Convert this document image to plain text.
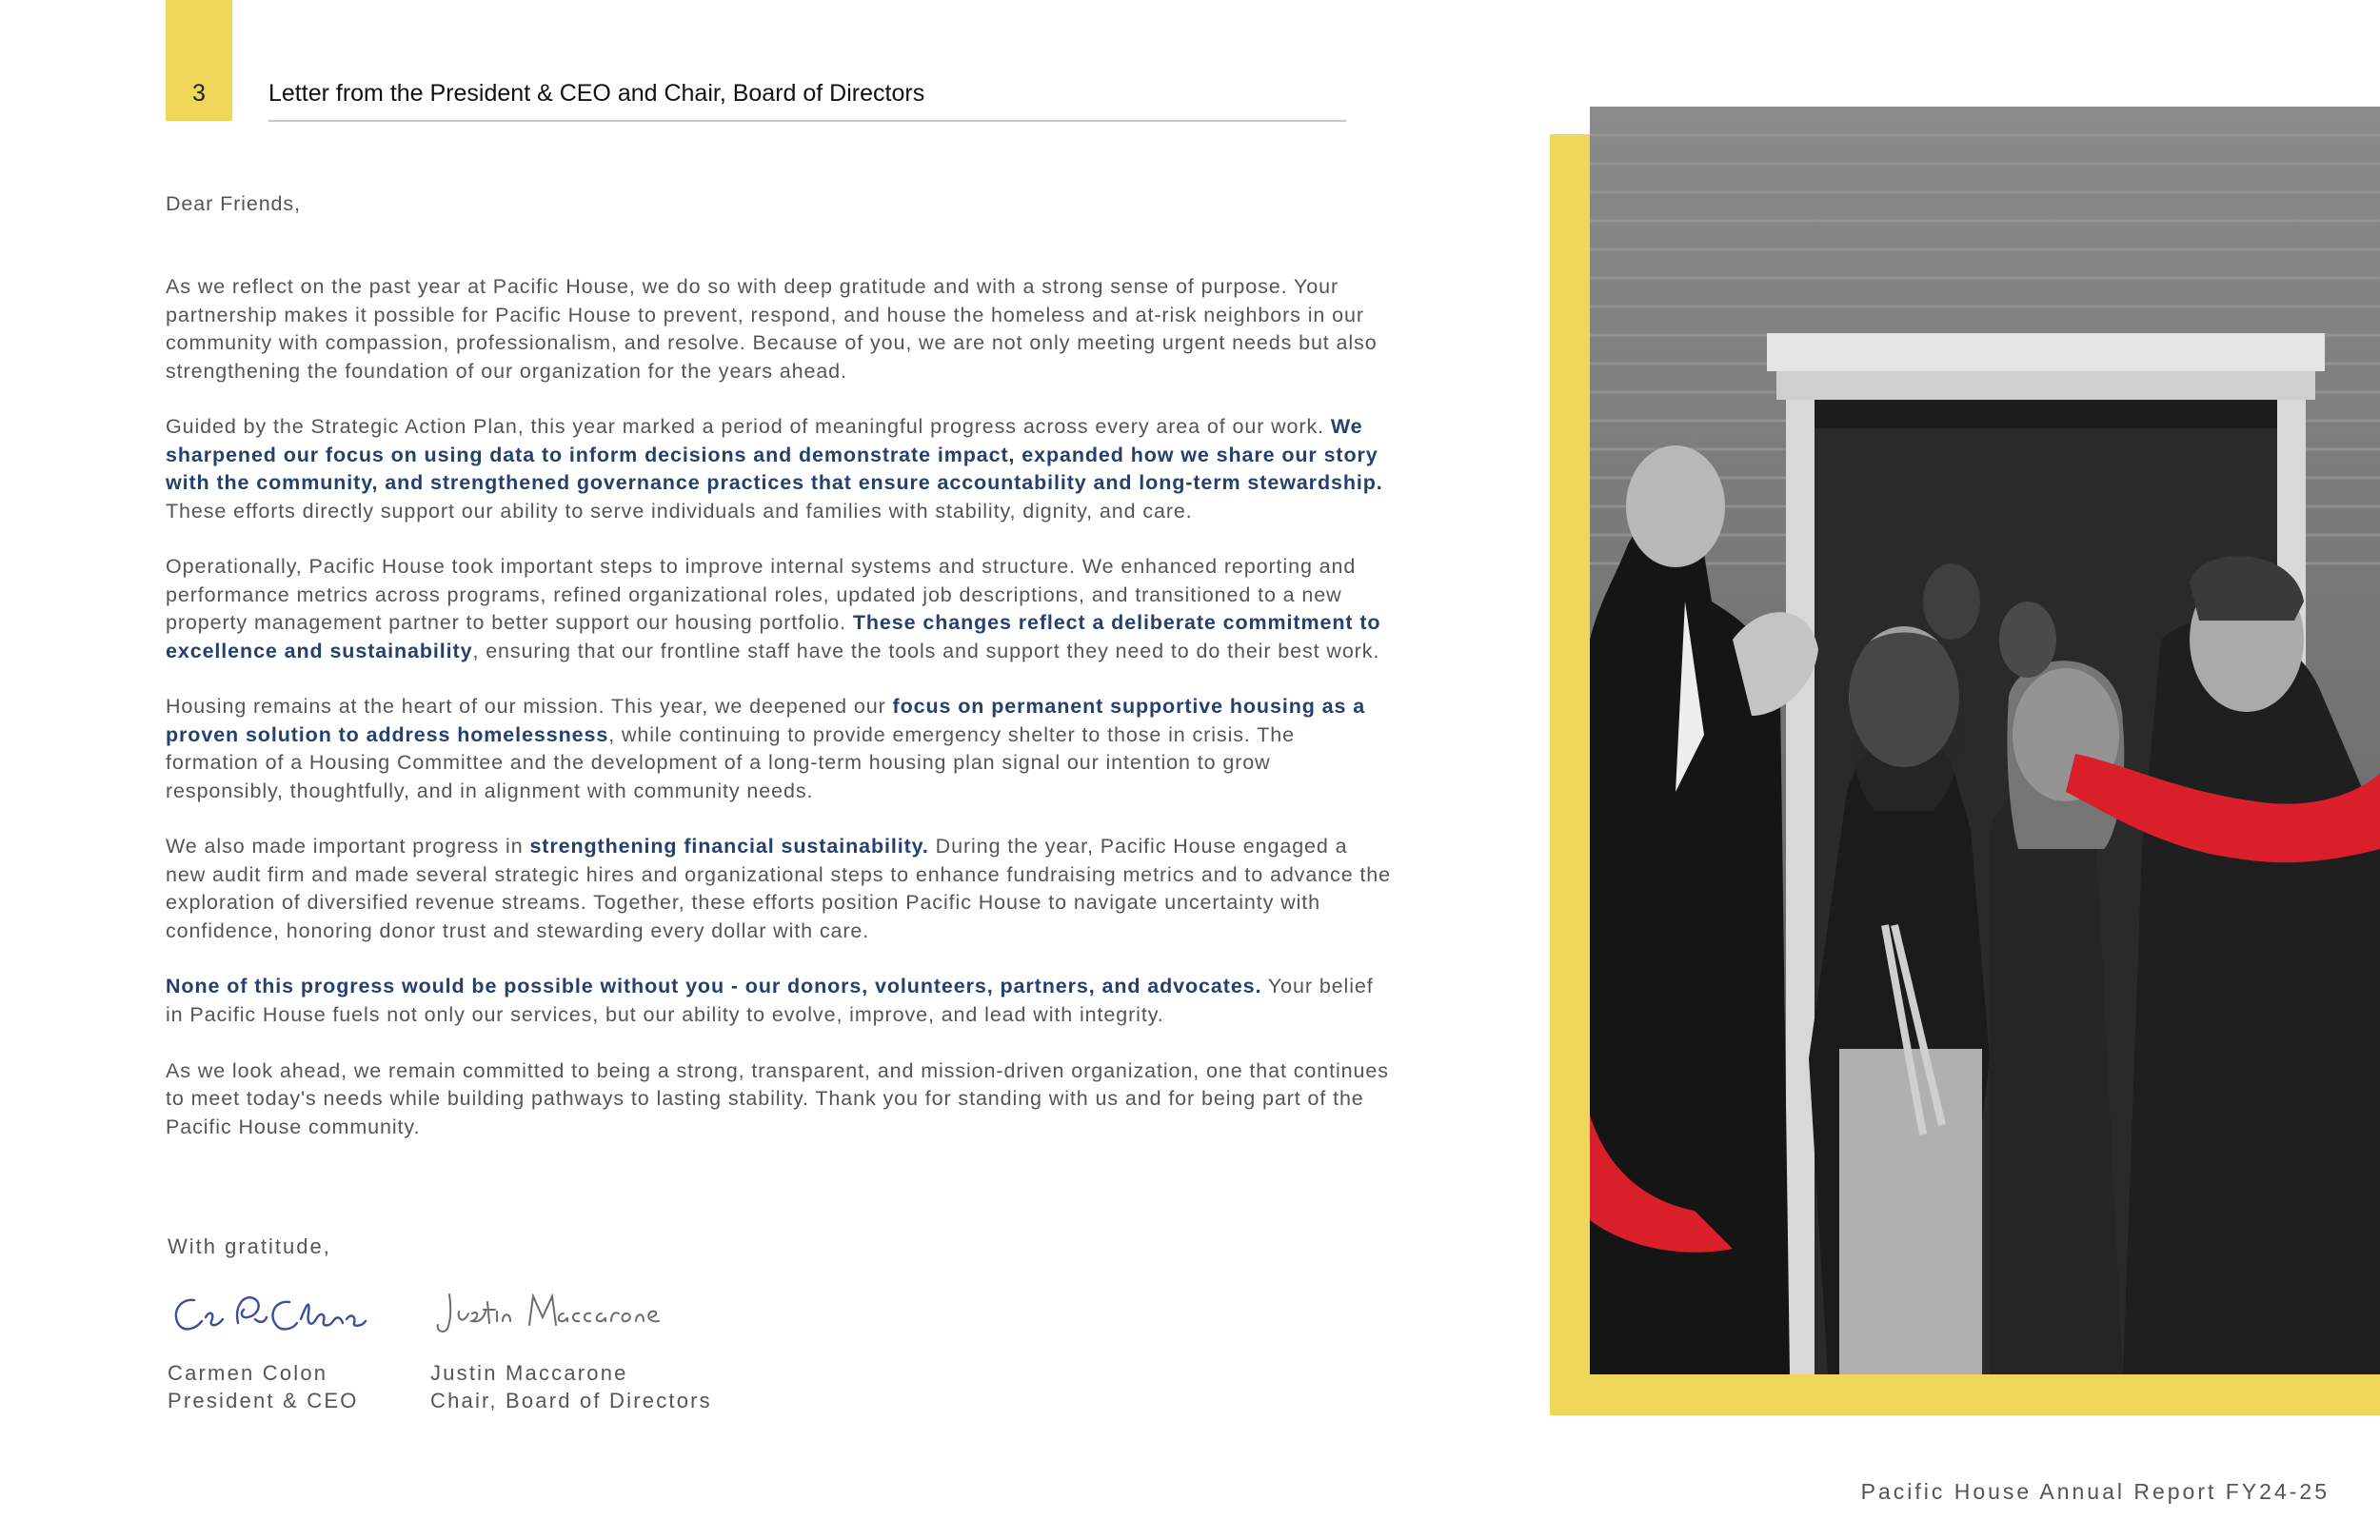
3	Letter from the President & CEO and Chair, Board of Directors

Dear Friends,

As we reflect on the past year at Pacific House, we do so with deep gratitude and with a strong sense of purpose. Your partnership makes it possible for Pacific House to prevent, respond, and house the homeless and at-risk neighbors in our community with compassion, professionalism, and resolve. Because of you, we are not only meeting urgent needs but also strengthening the foundation of our organization for the years ahead.

Guided by the Strategic Action Plan, this year marked a period of meaningful progress across every area of our work. We sharpened our focus on using data to inform decisions and demonstrate impact, expanded how we share our story with the community, and strengthened governance practices that ensure accountability and long-term stewardship. These efforts directly support our ability to serve individuals and families with stability, dignity, and care.

Operationally, Pacific House took important steps to improve internal systems and structure. We enhanced reporting and performance metrics across programs, refined organizational roles, updated job descriptions, and transitioned to a new property management partner to better support our housing portfolio. These changes reflect a deliberate commitment to excellence and sustainability, ensuring that our frontline staff have the tools and support they need to do their best work.

Housing remains at the heart of our mission. This year, we deepened our focus on permanent supportive housing as a proven solution to address homelessness, while continuing to provide emergency shelter to those in crisis. The formation of a Housing Committee and the development of a long-term housing plan signal our intention to grow responsibly, thoughtfully, and in alignment with community needs.

We also made important progress in strengthening financial sustainability. During the year, Pacific House engaged a new audit firm and made several strategic hires and organizational steps to enhance fundraising metrics and to advance the exploration of diversified revenue streams. Together, these efforts position Pacific House to navigate uncertainty with confidence, honoring donor trust and stewarding every dollar with care.

None of this progress would be possible without you - our donors, volunteers, partners, and advocates. Your belief in Pacific House fuels not only our services, but our ability to evolve, improve, and lead with integrity.

As we look ahead, we remain committed to being a strong, transparent, and mission-driven organization, one that continues to meet today's needs while building pathways to lasting stability. Thank you for standing with us and for being part of the Pacific House community.

With gratitude,
Carmen Colon
President & CEO
Justin Maccarone
Chair, Board of Directors
Pacific House Annual Report FY24-25
